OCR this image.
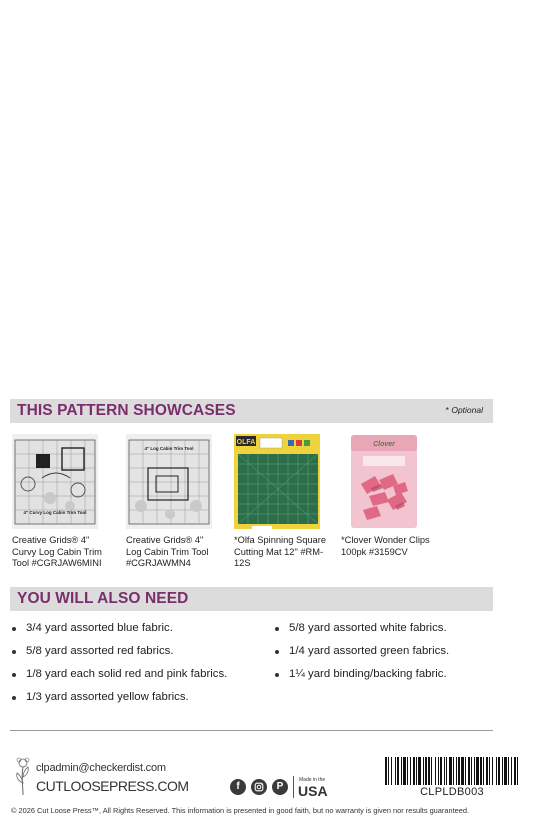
THIS PATTERN SHOWCASES	* Optional
4" Curvy Log Cabin Trim Tool
Creative Grids® 4" Curvy Log Cabin Trim Tool #CGRJAW6MINI
4" Log Cabin Trim Tool
Creative Grids® 4" Log Cabin Trim Tool #CGRJAWMN4
OLFA
*Olfa Spinning Square Cutting Mat 12" #RM-12S
Clover
*Clover Wonder Clips 100pk #3159CV
YOU WILL ALSO NEED
3/4 yard assorted blue fabric.
5/8 yard assorted red fabrics.
1/8 yard each solid red and pink fabrics.
1/3 yard assorted yellow fabrics.
5/8 yard assorted white fabrics.
1/4 yard assorted green fabrics.
1¼ yard binding/backing fabric.
clpadmin@checkerdist.com
CUTLOOSEPRESS.COM	f	P
Made in the
USA	CLPLDB003
© 2026 Cut Loose Press™, All Rights Reserved. This information is presented in good faith, but no warranty is given nor results guaranteed.
